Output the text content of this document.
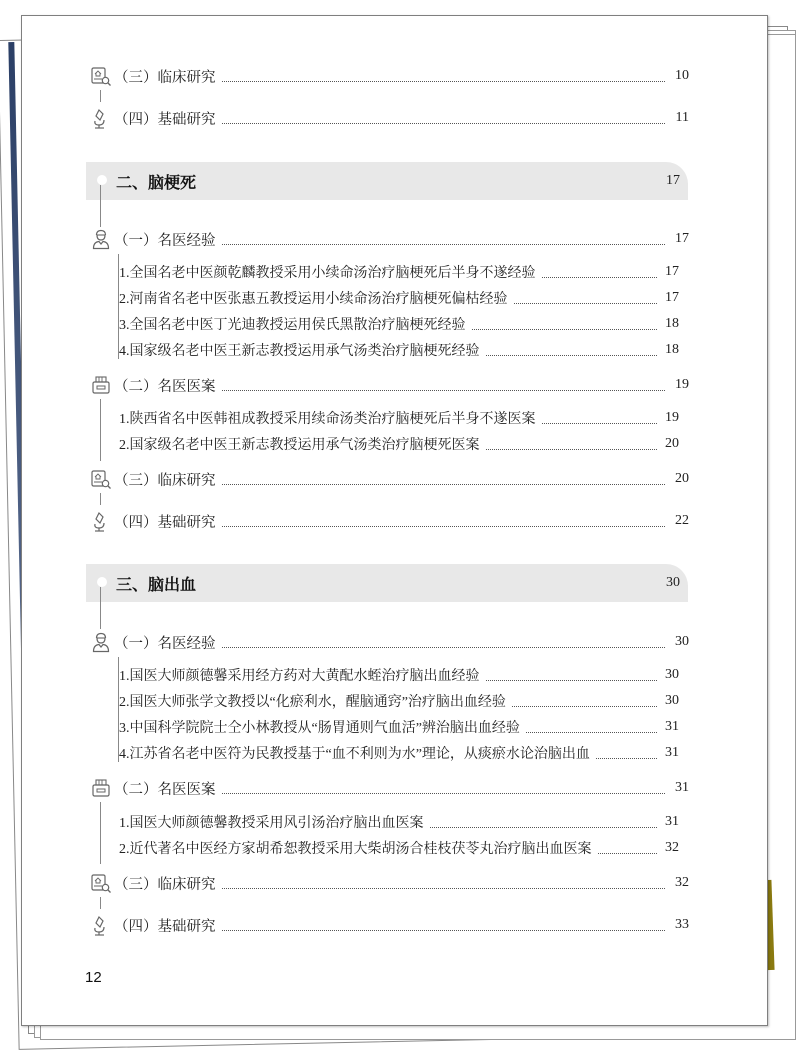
（三）临床研究	10
（四）基础研究	11
二、脑梗死	17
（一）名医经验	17
1.全国名老中医颜乾麟教授采用小续命汤治疗脑梗死后半身不遂经验	17
2.河南省名老中医张惠五教授运用小续命汤治疗脑梗死偏枯经验	17
3.全国名老中医丁光迪教授运用侯氏黑散治疗脑梗死经验	18
4.国家级名老中医王新志教授运用承气汤类治疗脑梗死经验	18
（二）名医医案	19
1.陕西省名中医韩祖成教授采用续命汤类治疗脑梗死后半身不遂医案	19
2.国家级名老中医王新志教授运用承气汤类治疗脑梗死医案	20
（三）临床研究	20
（四）基础研究	22
三、脑出血	30
（一）名医经验	30
1.国医大师颜德馨采用经方药对大黄配水蛭治疗脑出血经验	30
2.国医大师张学文教授以“化瘀利水，醒脑通窍”治疗脑出血经验	30
3.中国科学院院士仝小林教授从“肠胃通则气血活”辨治脑出血经验	31
4.江苏省名老中医符为民教授基于“血不利则为水”理论，从痰瘀水论治脑出血	31
（二）名医医案	31
1.国医大师颜德馨教授采用风引汤治疗脑出血医案	31
2.近代著名中医经方家胡希恕教授采用大柴胡汤合桂枝茯苓丸治疗脑出血医案	32
（三）临床研究	32
（四）基础研究	33
12
